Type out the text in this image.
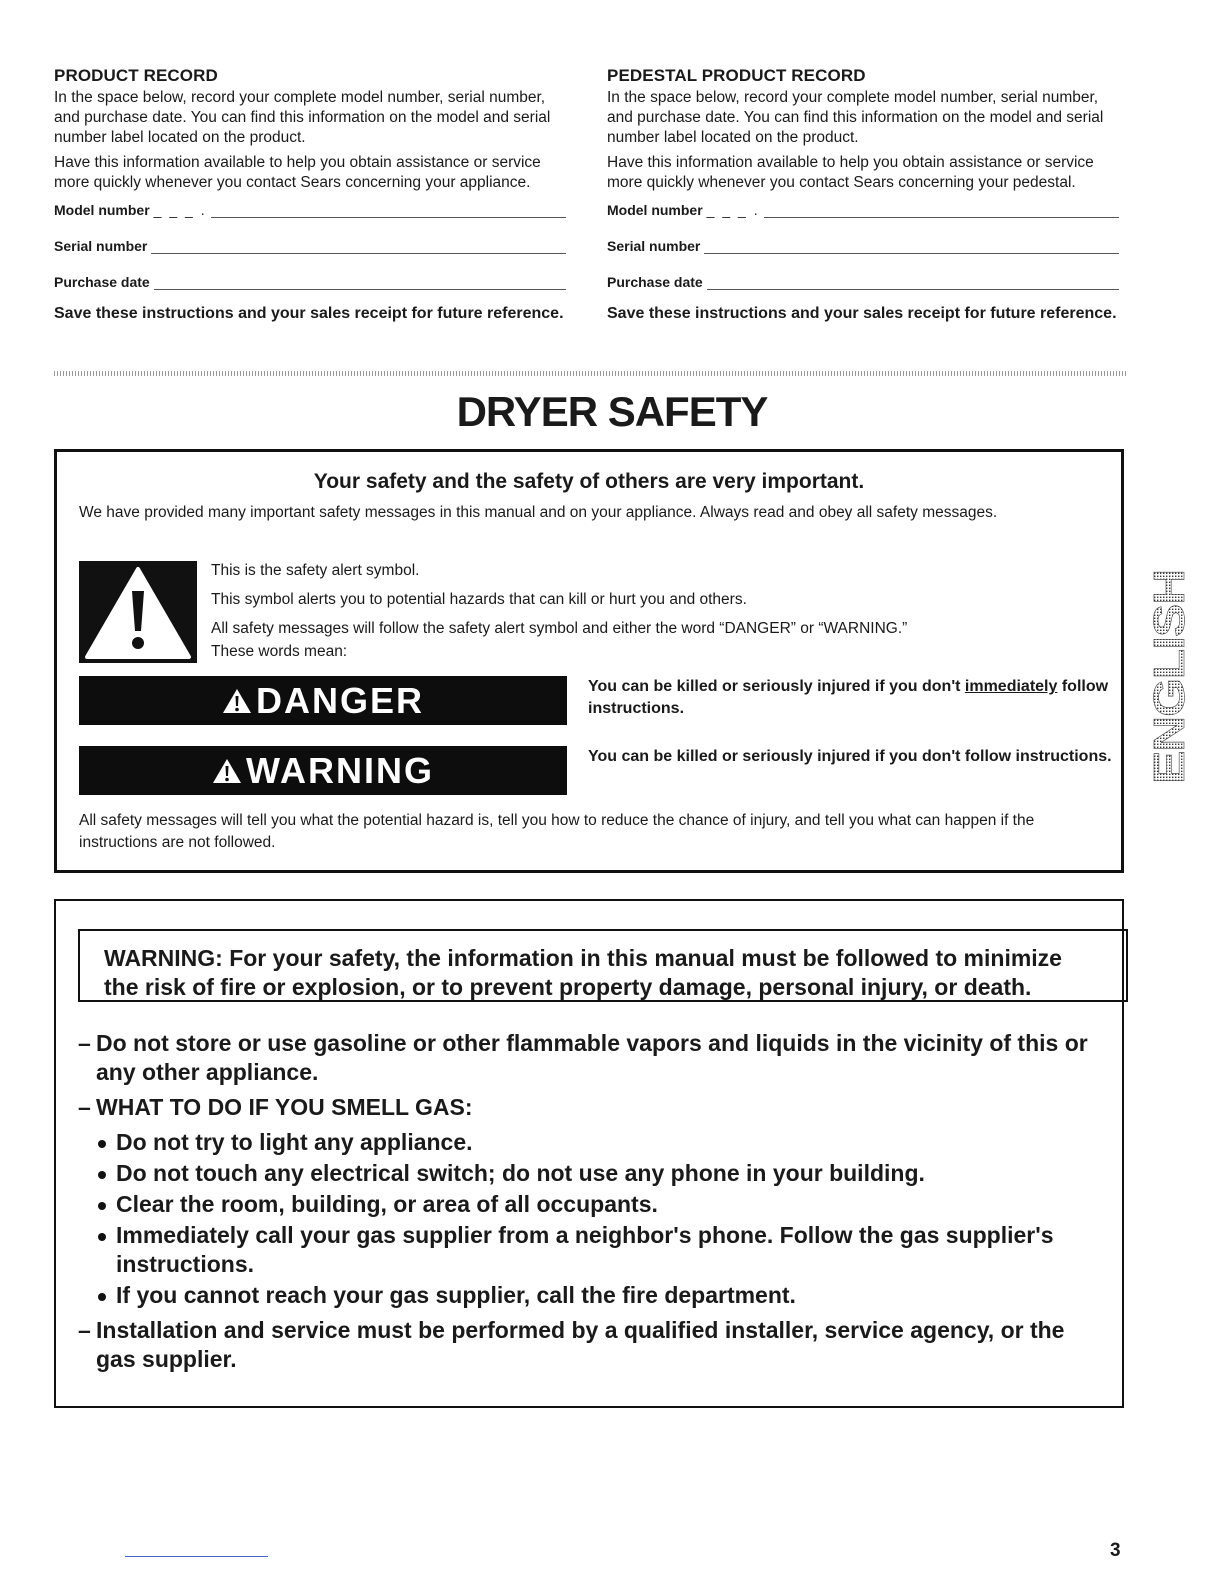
PRODUCT RECORD

In the space below, record your complete model number, serial number, and purchase date. You can find this information on the model and serial number label located on the product.

Have this information available to help you obtain assistance or service more quickly whenever you contact Sears concerning your appliance.

Model number _ _ _ .
Serial number
Purchase date
Save these instructions and your sales receipt for future reference.
PEDESTAL PRODUCT RECORD

In the space below, record your complete model number, serial number, and purchase date. You can find this information on the model and serial number label located on the product.

Have this information available to help you obtain assistance or service more quickly whenever you contact Sears concerning your pedestal.

Model number _ _ _ .
Serial number
Purchase date
Save these instructions and your sales receipt for future reference.
DRYER SAFETY
Your safety and the safety of others are very important.

We have provided many important safety messages in this manual and on your appliance. Always read and obey all safety messages.

This is the safety alert symbol.
This symbol alerts you to potential hazards that can kill or hurt you and others.
All safety messages will follow the safety alert symbol and either the word “DANGER” or “WARNING.”
These words mean:
DANGER	You can be killed or seriously injured if you don't immediately follow instructions.
WARNING	You can be killed or seriously injured if you don't follow instructions.

All safety messages will tell you what the potential hazard is, tell you how to reduce the chance of injury, and tell you what can happen if the instructions are not followed.

WARNING: For your safety, the information in this manual must be followed to minimize
the risk of fire or explosion, or to prevent property damage, personal injury, or death.
– Do not store or use gasoline or other flammable vapors and liquids in the vicinity of this or any other appliance.
– WHAT TO DO IF YOU SMELL GAS:
Do not try to light any appliance.
Do not touch any electrical switch; do not use any phone in your building.
Clear the room, building, or area of all occupants.
Immediately call your gas supplier from a neighbor's phone. Follow the gas supplier's instructions.
If you cannot reach your gas supplier, call the fire department.
– Installation and service must be performed by a qualified installer, service agency, or the gas supplier.
ENGLISH
3
